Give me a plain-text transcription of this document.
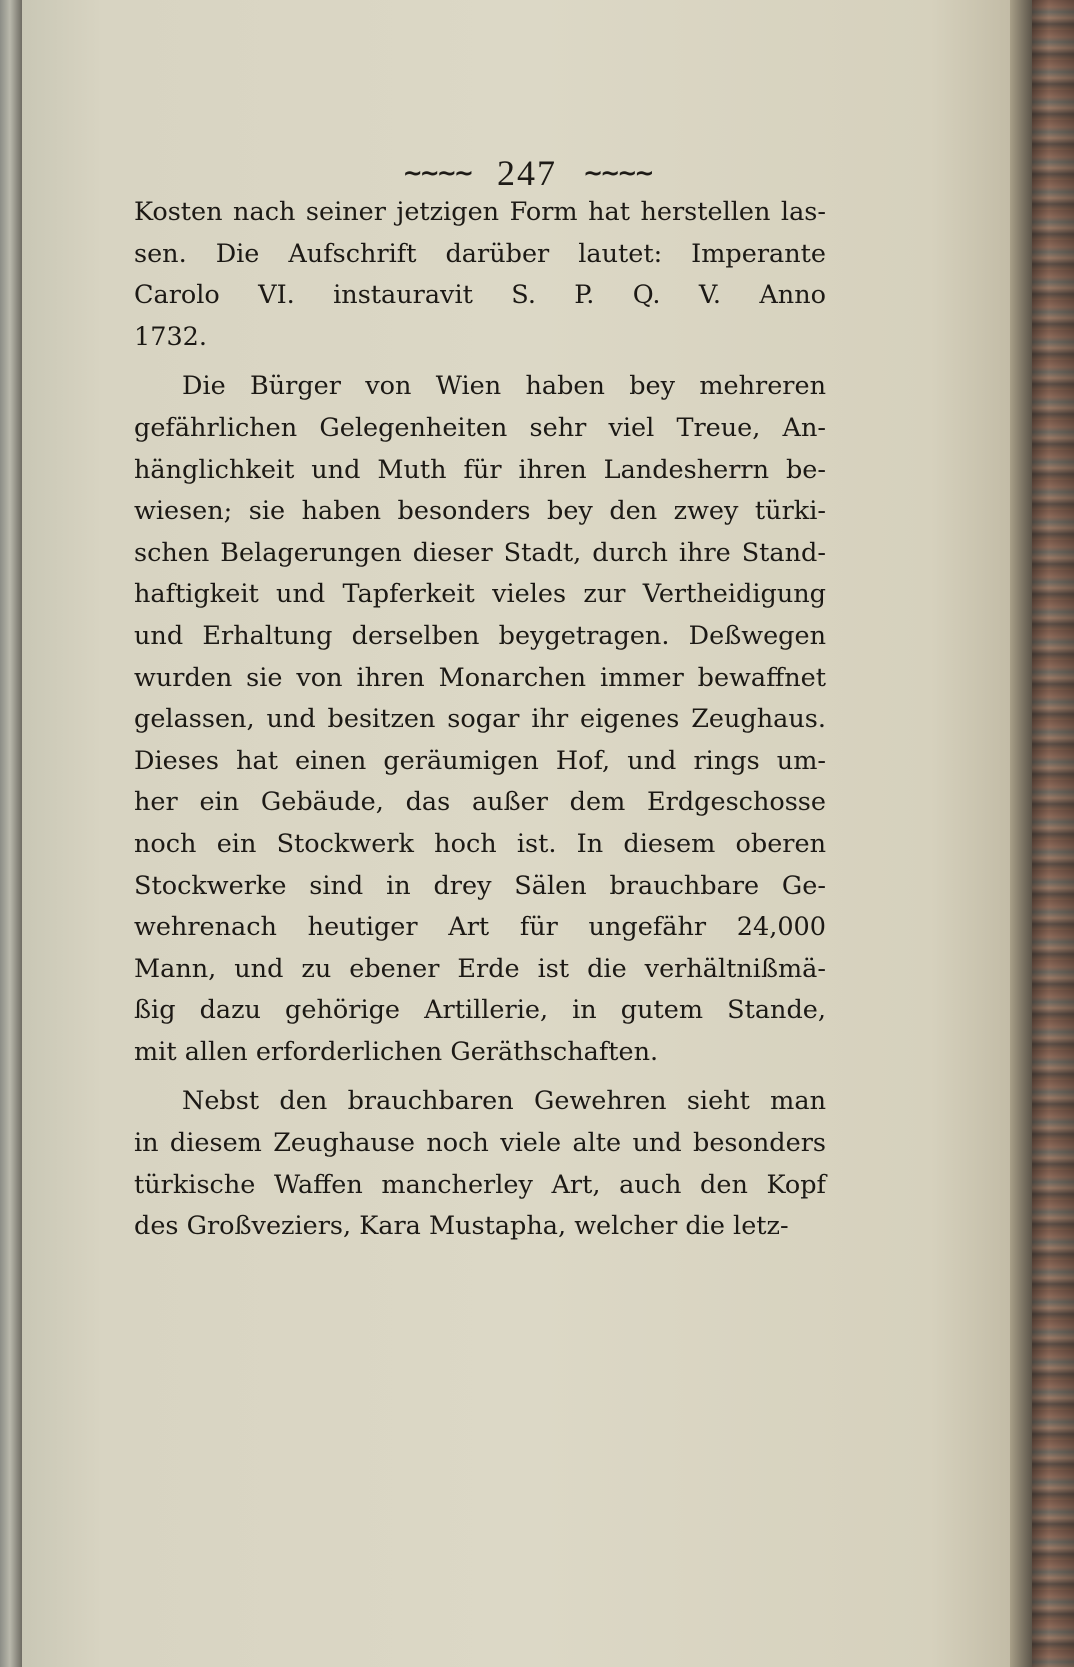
~~~~ 247 ~~~~
Kosten nach seiner jetzigen Form hat herstellen las-
sen. Die Aufschrift darüber lautet: Imperante
Carolo VI. instauravit S. P. Q. V. Anno
1732.
Die Bürger von Wien haben bey mehreren
gefährlichen Gelegenheiten sehr viel Treue, An-
hänglichkeit und Muth für ihren Landesherrn be-
wiesen; sie haben besonders bey den zwey türki-
schen Belagerungen dieser Stadt, durch ihre Stand-
haftigkeit und Tapferkeit vieles zur Vertheidigung
und Erhaltung derselben beygetragen. Deßwegen
wurden sie von ihren Monarchen immer bewaffnet
gelassen, und besitzen sogar ihr eigenes Zeughaus.
Dieses hat einen geräumigen Hof, und rings um-
her ein Gebäude, das außer dem Erdgeschosse
noch ein Stockwerk hoch ist. In diesem oberen
Stockwerke sind in drey Sälen brauchbare Ge-
wehrenach heutiger Art für ungefähr 24,000
Mann, und zu ebener Erde ist die verhältnißmä-
ßig dazu gehörige Artillerie, in gutem Stande,
mit allen erforderlichen Geräthschaften.
Nebst den brauchbaren Gewehren sieht man
in diesem Zeughause noch viele alte und besonders
türkische Waffen mancherley Art, auch den Kopf
des Großveziers, Kara Mustapha, welcher die letz-
